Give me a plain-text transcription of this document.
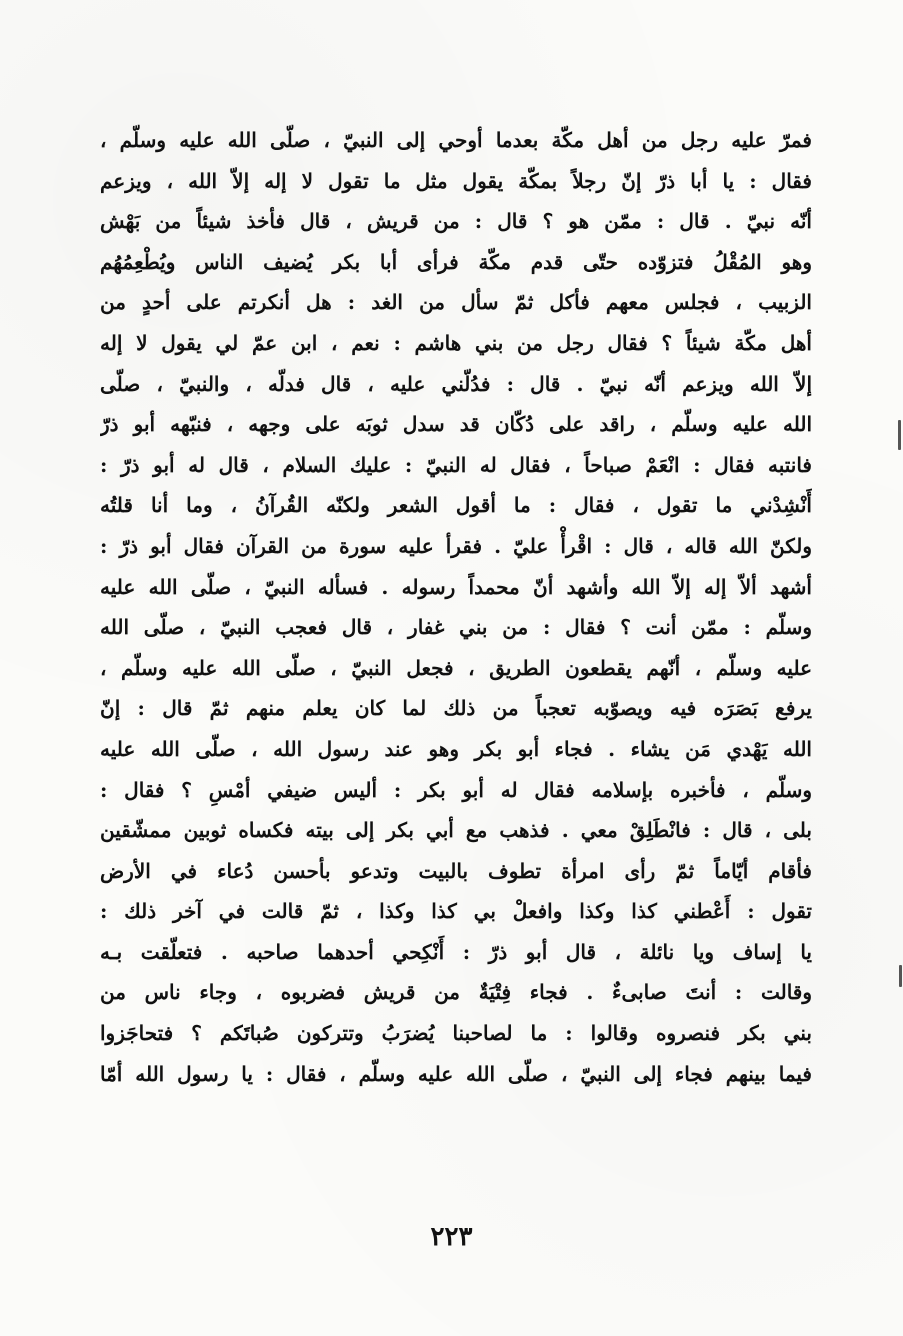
فمرّ عليه رجل من أهل مكّة بعدما أوحي إلى النبيّ ، صلّى الله عليه وسلّم ،
فقال : يا أبا ذرّ إنّ رجلاً بمكّة يقول مثل ما تقول لا إله إلاّ الله ، ويزعم
أنّه نبيّ . قال : ممّن هو ؟ قال : من قريش ، قال فأخذ شيئاً من بَهْش
وهو المُقْلُ فتزوّده حتّى قدم مكّة فرأى أبا بكر يُضيف الناس ويُطْعِمُهُم
الزبيب ، فجلس معهم فأكل ثمّ سأل من الغد : هل أنكرتم على أحدٍ من
أهل مكّة شيئاً ؟ فقال رجل من بني هاشم : نعم ، ابن عمّ لي يقول لا إله
إلاّ الله ويزعم أنّه نبيّ . قال : فدُلّني عليه ، قال فدلّه ، والنبيّ ، صلّى
الله عليه وسلّم ، راقد على دُكّان قد سدل ثوبَه على وجهه ، فنبّهه أبو ذرّ
فانتبه فقال : انْعَمْ صباحاً ، فقال له النبيّ : عليك السلام ، قال له أبو ذرّ :
أَنْشِدْني ما تقول ، فقال : ما أقول الشعر ولكنّه القُرآنُ ، وما أنا قلتُه
ولكنّ الله قاله ، قال : اقْرأْ عليّ . فقرأ عليه سورة من القرآن فقال أبو ذرّ :
أشهد ألاّ إله إلاّ الله وأشهد أنّ محمداً رسوله . فسأله النبيّ ، صلّى الله عليه
وسلّم : ممّن أنت ؟ فقال : من بني غفار ، قال فعجب النبيّ ، صلّى الله
عليه وسلّم ، أنّهم يقطعون الطريق ، فجعل النبيّ ، صلّى الله عليه وسلّم ،
يرفع بَصَرَه فيه ويصوّبه تعجباً من ذلك لما كان يعلم منهم ثمّ قال : إنّ
الله يَهْدي مَن يشاء . فجاء أبو بكر وهو عند رسول الله ، صلّى الله عليه
وسلّم ، فأخبره بإسلامه فقال له أبو بكر : أليس ضيفي أمْسِ ؟ فقال :
بلى ، قال : فانْطَلِقْ معي . فذهب مع أبي بكر إلى بيته فكساه ثوبين ممشّقين
فأقام أيّاماً ثمّ رأى امرأة تطوف بالبيت وتدعو بأحسن دُعاء في الأرض
تقول : أَعْطني كذا وكذا وافعلْ بي كذا وكذا ، ثمّ قالت في آخر ذلك :
يا إساف ويا نائلة ، قال أبو ذرّ : أَنْكِحي أحدهما صاحبه . فتعلّقت بـه
وقالت : أنتَ صابىءٌ . فجاء فِتْيَةٌ من قريش فضربوه ، وجاء ناس من
بني بكر فنصروه وقالوا : ما لصاحبنا يُضرَبُ وتتركون صُباتَكم ؟ فتحاجَزوا
فيما بينهم فجاء إلى النبيّ ، صلّى الله عليه وسلّم ، فقال : يا رسول الله أمّا
٢٢٣
